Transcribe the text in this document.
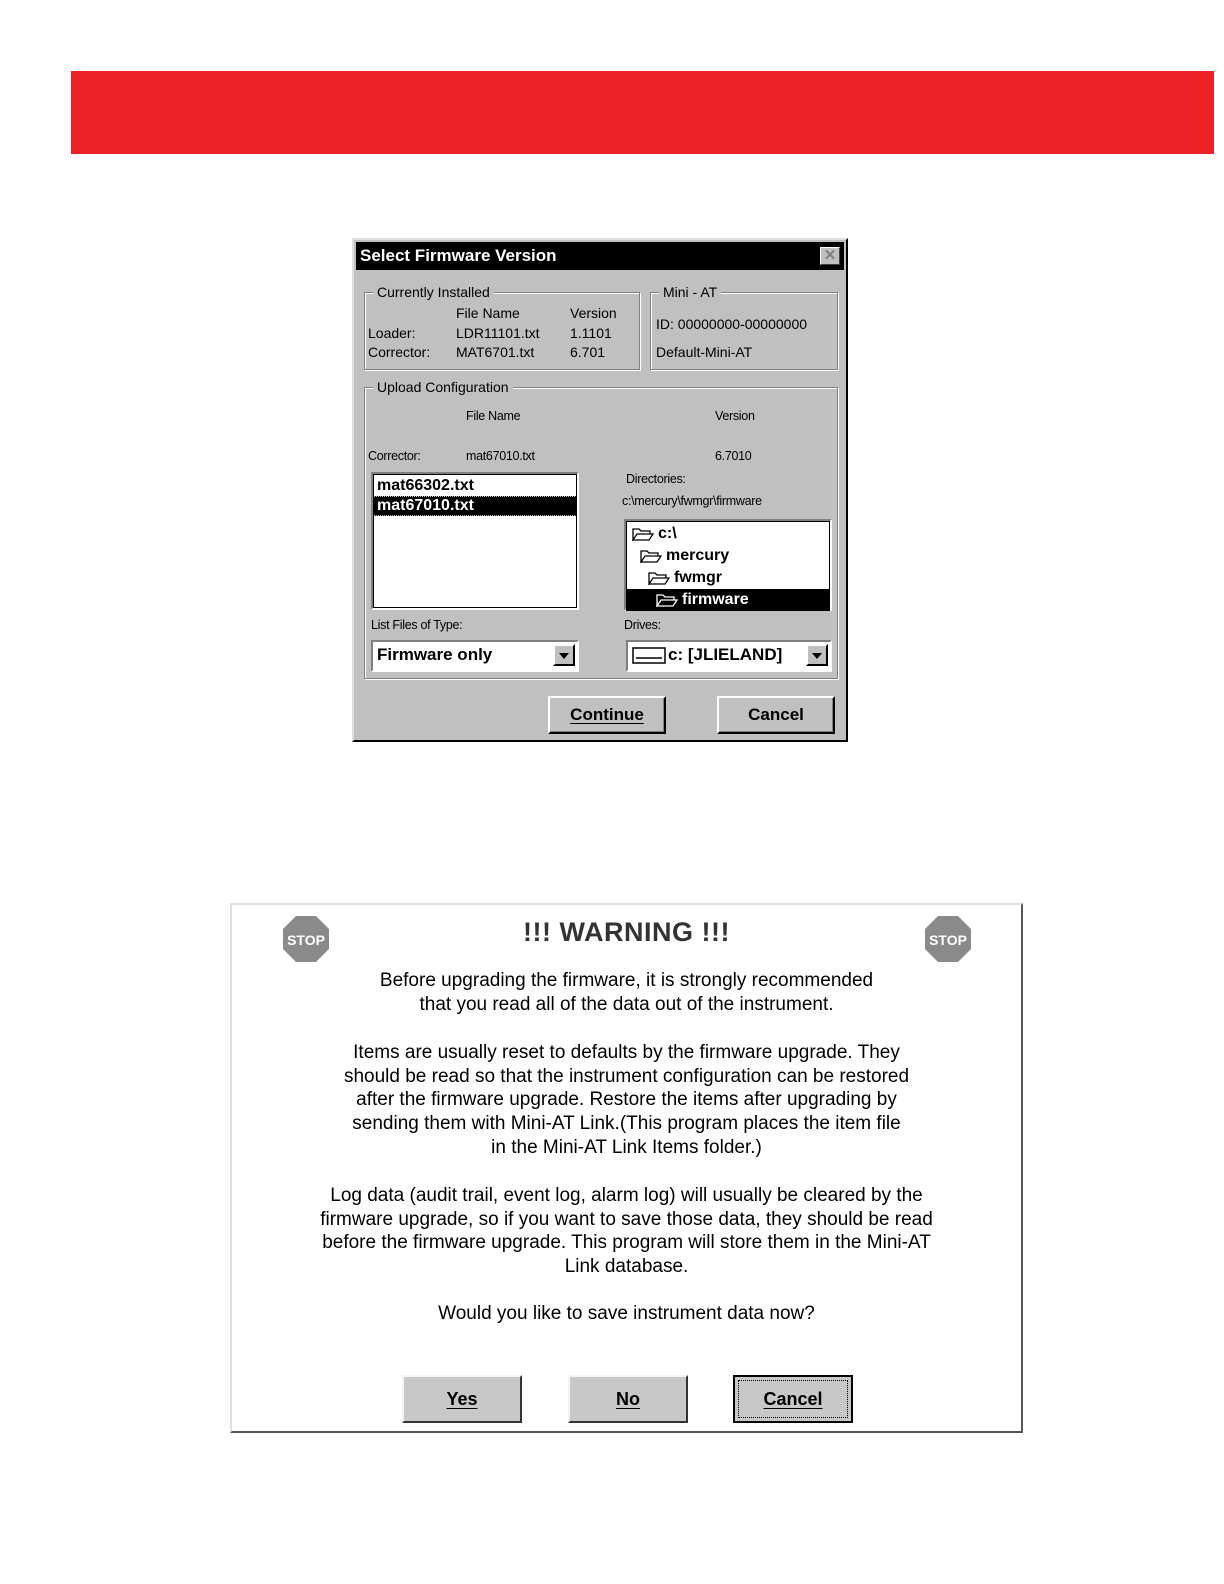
Select Firmware Version	✕
Currently Installed
File Name	Version
Loader:	LDR11101.txt 1.1101
Corrector: MAT6701.txt	6.701
Mini - AT
ID: 00000000-00000000
Default-Mini-AT
Upload Configuration
File Name	Version
Corrector:	mat67010.txt	6.7010
mat66302.txt
mat67010.txt
Directories:
c:\mercury\fwmgr\firmware
c:\
mercury
fwmgr
firmware
List Files of Type:	Drives:
Firmware only	c: [JLIELAND]
Continue	Cancel
STOP	STOP
!!! WARNING !!!
Before upgrading the firmware, it is strongly recommended
that you read all of the data out of the instrument.
Items are usually reset to defaults by the firmware upgrade. They
should be read so that the instrument configuration can be restored
after the firmware upgrade. Restore the items after upgrading by
sending them with Mini-AT Link.(This program places the item file
in the Mini-AT Link Items folder.)
Log data (audit trail, event log, alarm log) will usually be cleared by the
firmware upgrade, so if you want to save those data, they should be read
before the firmware upgrade. This program will store them in the Mini-AT
Link database.
Would you like to save instrument data now?
Yes	No	Cancel
